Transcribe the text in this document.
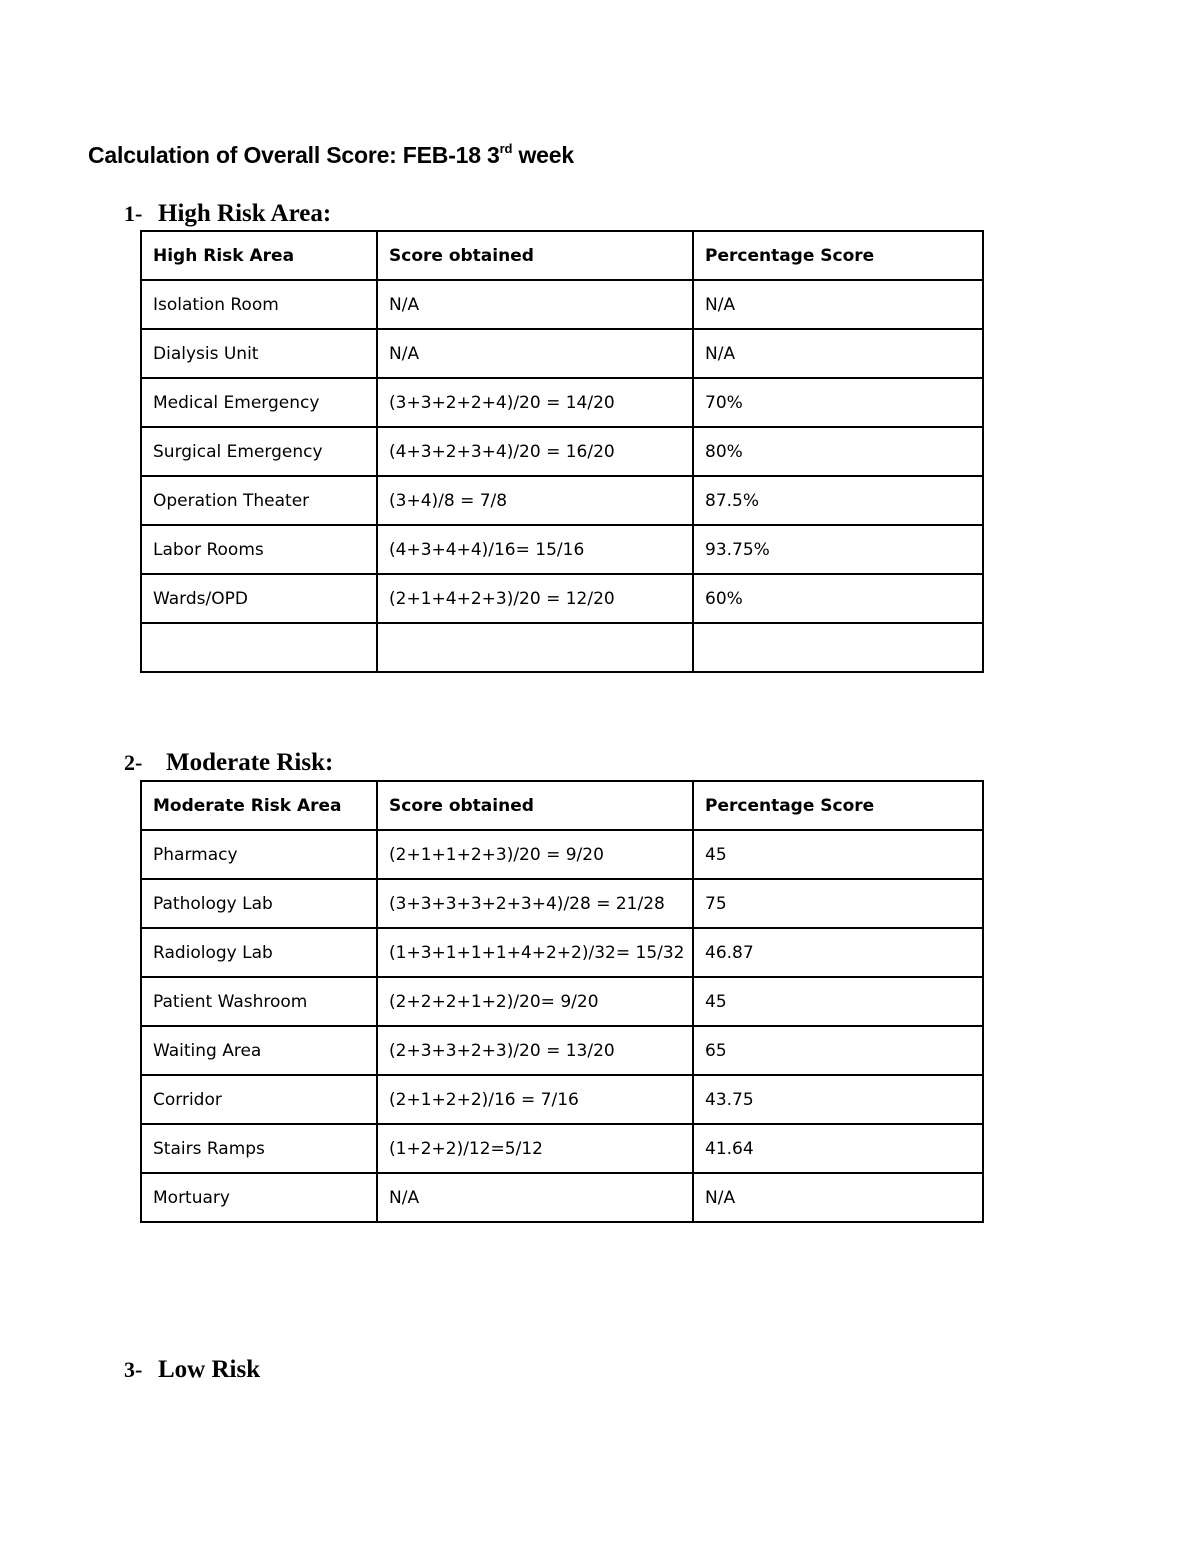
Calculation of Overall Score: FEB-18 3rd week
1- High Risk Area:
High Risk Area	Score obtained	Percentage Score
Isolation Room	N/A	N/A
Dialysis Unit	N/A	N/A
Medical Emergency	(3+3+2+2+4)/20 = 14/20	70%
Surgical Emergency	(4+3+2+3+4)/20 = 16/20	80%
Operation Theater	(3+4)/8 = 7/8	87.5%
Labor Rooms	(4+3+4+4)/16= 15/16	93.75%
Wards/OPD	(2+1+4+2+3)/20 = 12/20	60%

2- Moderate Risk:
Moderate Risk Area	Score obtained	Percentage Score
Pharmacy	(2+1+1+2+3)/20 = 9/20	45
Pathology Lab	(3+3+3+3+2+3+4)/28 = 21/28	75
Radiology Lab	(1+3+1+1+1+4+2+2)/32= 15/32	46.87
Patient Washroom	(2+2+2+1+2)/20= 9/20	45
Waiting Area	(2+3+3+2+3)/20 = 13/20	65
Corridor	(2+1+2+2)/16 = 7/16	43.75
Stairs Ramps	(1+2+2)/12=5/12	41.64
Mortuary	N/A	N/A
3- Low Risk
